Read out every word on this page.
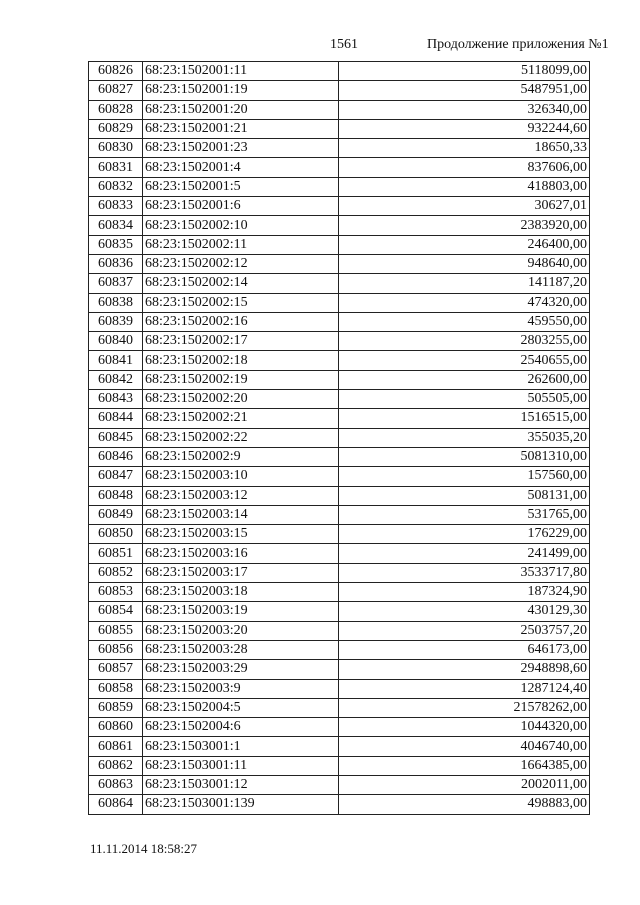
1561	Продолжение приложения №1
60826	68:23:1502001:11	5118099,00
60827	68:23:1502001:19	5487951,00
60828	68:23:1502001:20	326340,00
60829	68:23:1502001:21	932244,60
60830	68:23:1502001:23	18650,33
60831	68:23:1502001:4	837606,00
60832	68:23:1502001:5	418803,00
60833	68:23:1502001:6	30627,01
60834	68:23:1502002:10	2383920,00
60835	68:23:1502002:11	246400,00
60836	68:23:1502002:12	948640,00
60837	68:23:1502002:14	141187,20
60838	68:23:1502002:15	474320,00
60839	68:23:1502002:16	459550,00
60840	68:23:1502002:17	2803255,00
60841	68:23:1502002:18	2540655,00
60842	68:23:1502002:19	262600,00
60843	68:23:1502002:20	505505,00
60844	68:23:1502002:21	1516515,00
60845	68:23:1502002:22	355035,20
60846	68:23:1502002:9	5081310,00
60847	68:23:1502003:10	157560,00
60848	68:23:1502003:12	508131,00
60849	68:23:1502003:14	531765,00
60850	68:23:1502003:15	176229,00
60851	68:23:1502003:16	241499,00
60852	68:23:1502003:17	3533717,80
60853	68:23:1502003:18	187324,90
60854	68:23:1502003:19	430129,30
60855	68:23:1502003:20	2503757,20
60856	68:23:1502003:28	646173,00
60857	68:23:1502003:29	2948898,60
60858	68:23:1502003:9	1287124,40
60859	68:23:1502004:5	21578262,00
60860	68:23:1502004:6	1044320,00
60861	68:23:1503001:1	4046740,00
60862	68:23:1503001:11	1664385,00
60863	68:23:1503001:12	2002011,00
60864	68:23:1503001:139	498883,00
11.11.2014 18:58:27
